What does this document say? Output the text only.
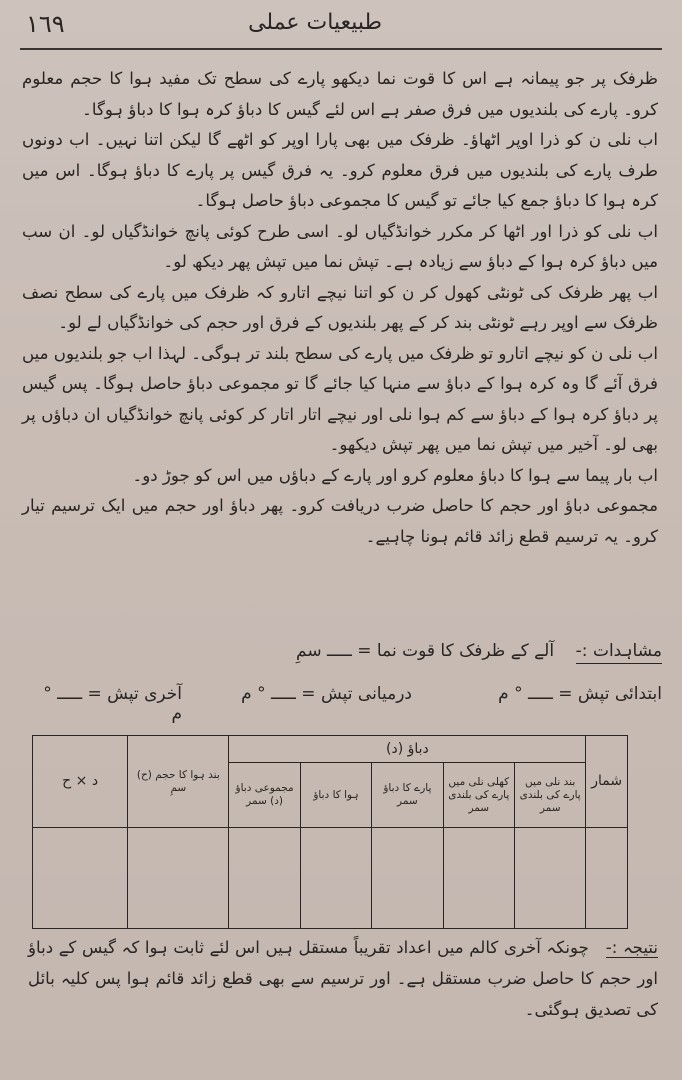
١٦٩	طبیعیات عملی

ظرفک پر جو پیمانہ ہے اس کا قوت نما دیکھو پارے کی سطح تک مفید ہوا کا حجم معلوم کرو۔ پارے کی بلندیوں میں فرق صفر ہے اس لئے گیس کا دباؤ کرہ ہوا کا دباؤ ہوگا۔

اب نلی ن کو ذرا اوپر اٹھاؤ۔ ظرفک میں بھی پارا اوپر کو اٹھے گا لیکن اتنا نہیں۔ اب دونوں طرف پارے کی بلندیوں میں فرق معلوم کرو۔ یہ فرق گیس پر پارے کا دباؤ ہوگا۔ اس میں کرہ ہوا کا دباؤ جمع کیا جائے تو گیس کا مجموعی دباؤ حاصل ہوگا۔

اب نلی کو ذرا اور اٹھا کر مکرر خوانڈگیاں لو۔ اسی طرح کوئی پانچ خوانڈگیاں لو۔ ان سب میں دباؤ کرہ ہوا کے دباؤ سے زیادہ ہے۔ تپش نما میں تپش پھر دیکھ لو۔

اب پھر ظرفک کی ٹونٹی کھول کر ن کو اتنا نیچے اتارو کہ ظرفک میں پارے کی سطح نصف ظرفک سے اوپر رہے ٹونٹی بند کر کے پھر بلندیوں کے فرق اور حجم کی خوانڈگیاں لے لو۔

اب نلی ن کو نیچے اتارو تو ظرفک میں پارے کی سطح بلند تر ہوگی۔ لہذا اب جو بلندیوں میں فرق آئے گا وہ کرہ ہوا کے دباؤ سے منہا کیا جائے گا تو مجموعی دباؤ حاصل ہوگا۔ پس گیس پر دباؤ کرہ ہوا کے دباؤ سے کم ہوا نلی اور نیچے اتار اتار کر کوئی پانچ خوانڈگیاں ان دباؤں پر بھی لو۔ آخیر میں تپش نما میں پھر تپش دیکھو۔

اب بار پیما سے ہوا کا دباؤ معلوم کرو اور پارے کے دباؤں میں اس کو جوڑ دو۔

مجموعی دباؤ اور حجم کا حاصل ضرب دریافت کرو۔ پھر دباؤ اور حجم میں ایک ترسیم تیار کرو۔ یہ ترسیم قطع زائد قائم ہونا چاہیے۔

مشاہدات :-    آلے کے ظرفک کا قوت نما = ـــــ سمِ
ابتدائی تپش = ـــــ ° م
درمیانی تپش = ـــــ ° م
آخری تپش = ـــــ ° م
شمار	دباؤ (د)					بند ہوا کا حجم (ح) سمِ	د × ح
	بند نلی میں پارے کی بلندی سمر	کھلی نلی میں پارے کی بلندی سمر	پارے کا دباؤ سمر	ہوا کا دباؤ	مجموعی دباؤ (د) سمر		

نتیجہ :-   چونکہ آخری کالم میں اعداد تقریباً مستقل ہیں اس لئے ثابت ہوا کہ گیس کے دباؤ اور حجم کا حاصل ضرب مستقل ہے۔ اور ترسیم سے بھی قطع زائد قائم ہوا پس کلیہ بائل کی تصدیق ہوگئی۔
